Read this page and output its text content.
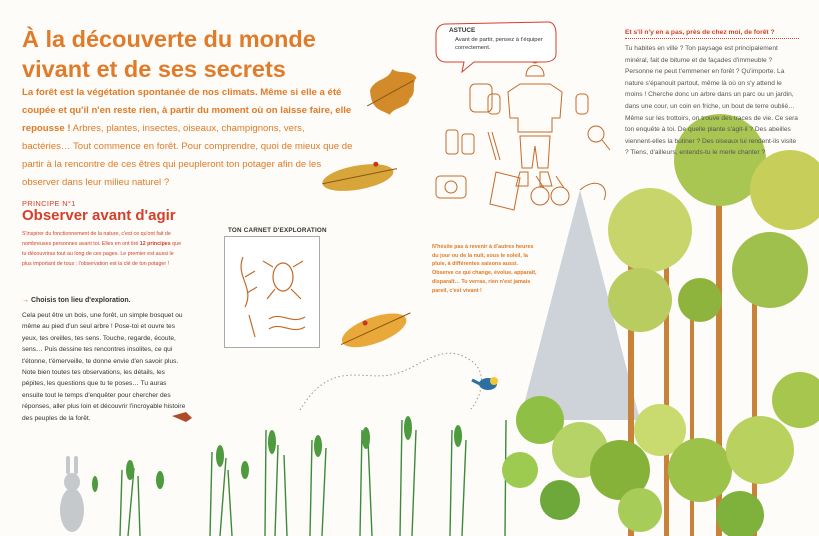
À la découverte du monde vivant et de ses secrets
La forêt est la végétation spontanée de nos climats. Même si elle a été coupée et qu'il n'en reste rien, à partir du moment où on laisse faire, elle repousse ! Arbres, plantes, insectes, oiseaux, champignons, vers, bactéries… Tout commence en forêt. Pour comprendre, quoi de mieux que de partir à la rencontre de ces êtres qui peupleront ton potager afin de les observer dans leur milieu naturel ?
PRINCIPE N°1
Observer avant d'agir
S'inspirer du fonctionnement de la nature, c'est ce qu'ont fait de nombreuses personnes avant toi. Elles en ont tiré 12 principes que tu découvriras tout au long de ces pages. Le premier est aussi le plus important de tous : l'observation est la clé de ton potager !
→ Choisis ton lieu d'exploration.
Cela peut être un bois, une forêt, un simple bosquet ou même au pied d'un seul arbre ! Pose-toi et ouvre tes yeux, tes oreilles, tes sens. Touche, regarde, écoute, sens… Puis dessine tes rencontres insolites, ce qui t'étonne, t'émerveille, te donne envie d'en savoir plus. Note bien toutes tes observations, les détails, les pépites, les questions que tu te poses… Tu auras ensuite tout le temps d'enquêter pour chercher des réponses, aller plus loin et découvrir l'incroyable histoire des peuples de la forêt.
TON CARNET D'EXPLORATION
ASTUCE
Avant de partir, pensez à t'équiper correctement.
Et s'il n'y en a pas, près de chez moi, de forêt ?
Tu habites en ville ? Ton paysage est principalement minéral, fait de bitume et de façades d'immeuble ? Personne ne peut t'emmener en forêt ? Qu'importe. La nature s'épanouit partout, même là où on s'y attend le moins ! Cherche donc un arbre dans un parc ou un jardin, dans une cour, un coin en friche, un bout de terre oublié… Même sur les trottoirs, on trouve des traces de vie. Ce sera ton enquête à toi. De quelle plante s'agit-il ? Des abeilles viennent-elles la butiner ? Des oiseaux lui rendent-ils visite ? Tiens, d'ailleurs, entends-tu le merle chanter ?
N'hésite pas à revenir à d'autres heures du jour ou de la nuit, sous le soleil, la pluie, à différentes saisons aussi. Observe ce qui change, évolue, apparaît, disparaît… Tu verras, rien n'est jamais pareil, c'est vivant !
